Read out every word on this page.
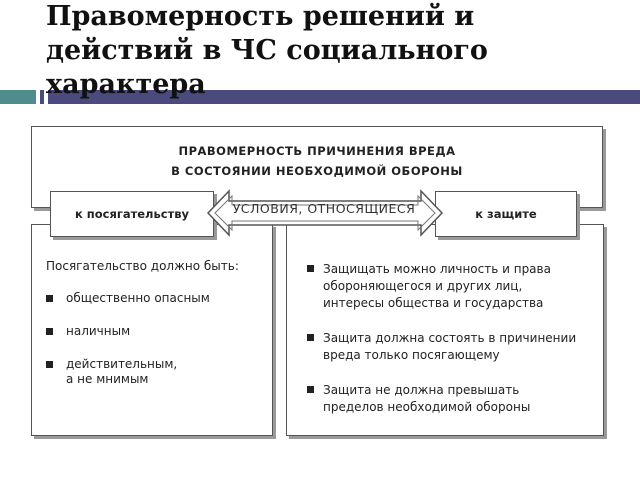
Правомерность решений и
действий в ЧС социального
характера
ПРАВОМЕРНОСТЬ ПРИЧИНЕНИЯ ВРЕДА
В СОСТОЯНИИ НЕОБХОДИМОЙ ОБОРОНЫ
Посягательство должно быть:
общественно опасным
наличным
действительным,
а не мнимым
Защищать можно личность и права
обороняющегося и других лиц,
интересы общества и государства
Защита должна состоять в причинении
вреда только посягающему
Защита не должна превышать
пределов необходимой обороны
к посягательству	к защите
УСЛОВИЯ, ОТНОСЯЩИЕСЯ
